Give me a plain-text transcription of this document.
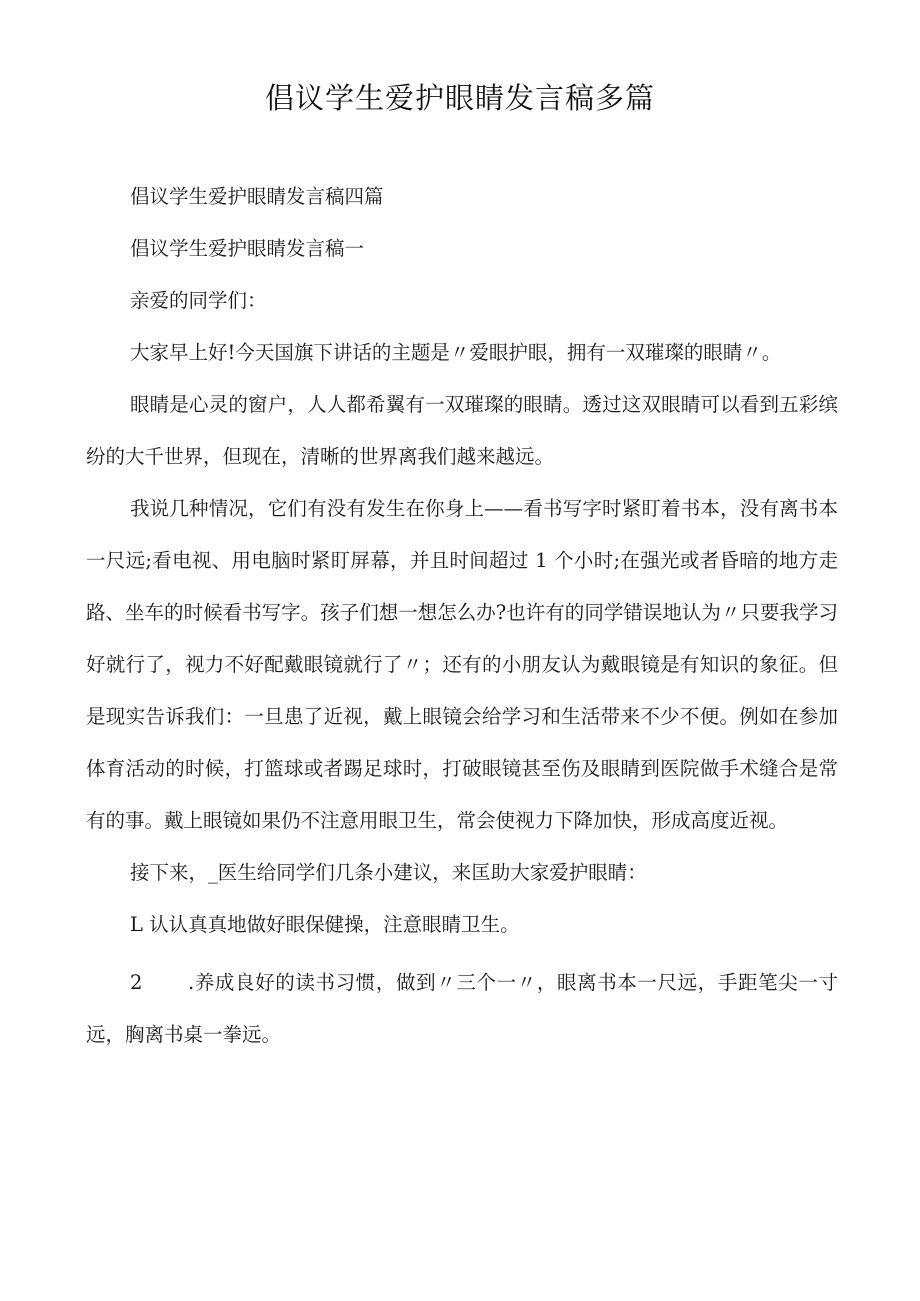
倡议学生爱护眼睛发言稿多篇

倡议学生爱护眼睛发言稿四篇

倡议学生爱护眼睛发言稿一

亲爱的同学们：

大家早上好!今天国旗下讲话的主题是〃爱眼护眼，拥有一双璀璨的眼睛〃。

眼睛是心灵的窗户，人人都希翼有一双璀璨的眼睛。透过这双眼睛可以看到五彩缤纷的大千世界，但现在，清晰的世界离我们越来越远。

我说几种情况，它们有没有发生在你身上——看书写字时紧盯着书本，没有离书本一尺远;看电视、用电脑时紧盯屏幕，并且时间超过 1 个小时;在强光或者昏暗的地方走路、坐车的时候看书写字。孩子们想一想怎么办?也许有的同学错误地认为〃只要我学习好就行了，视力不好配戴眼镜就行了〃；还有的小朋友认为戴眼镜是有知识的象征。但是现实告诉我们：一旦患了近视，戴上眼镜会给学习和生活带来不少不便。例如在参加体育活动的时候，打篮球或者踢足球时，打破眼镜甚至伤及眼睛到医院做手术缝合是常有的事。戴上眼镜如果仍不注意用眼卫生，常会使视力下降加快，形成高度近视。

接下来，_医生给同学们几条小建议，来匡助大家爱护眼睛：

L 认认真真地做好眼保健操，注意眼睛卫生。

2 .养成良好的读书习惯，做到〃三个一〃，眼离书本一尺远，手距笔尖一寸远，胸离书桌一拳远。
